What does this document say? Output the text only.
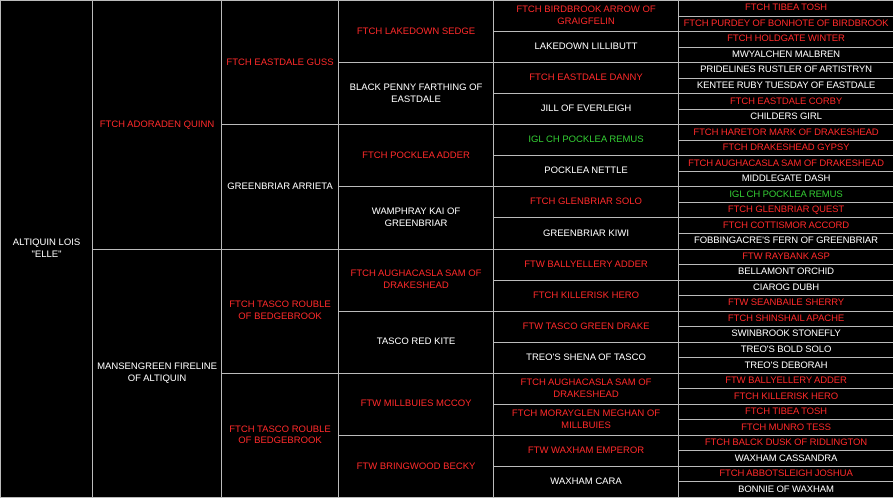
ALTIQUIN LOIS "ELLE"	FTCH ADORADEN QUINN	FTCH EASTDALE GUSS	FTCH LAKEDOWN SEDGE	FTCH BIRDBROOK ARROW OF GRAIGFELIN	FTCH TIBEA TOSH
					FTCH PURDEY OF BONHOTE OF BIRDBROOK
				LAKEDOWN LILLIBUTT	FTCH HOLDGATE WINTER
					MWYALCHEN MALBREN
			BLACK PENNY FARTHING OF EASTDALE	FTCH EASTDALE DANNY	PRIDELINES RUSTLER OF ARTISTRYN
					KENTEE RUBY TUESDAY OF EASTDALE
				JILL OF EVERLEIGH	FTCH EASTDALE CORBY
					CHILDERS GIRL
		GREENBRIAR ARRIETA	FTCH POCKLEA ADDER	IGL CH POCKLEA REMUS	FTCH HARETOR MARK OF DRAKESHEAD
					FTCH DRAKESHEAD GYPSY
				POCKLEA NETTLE	FTCH AUGHACASLA SAM OF DRAKESHEAD
					MIDDLEGATE DASH
			WAMPHRAY KAI OF GREENBRIAR	FTCH GLENBRIAR SOLO	IGL CH POCKLEA REMUS
					FTCH GLENBRIAR QUEST
				GREENBRIAR KIWI	FTCH COTTISMOR ACCORD
					FOBBINGACRE'S FERN OF GREENBRIAR
	MANSENGREEN FIRELINE OF ALTIQUIN	FTCH TASCO ROUBLE OF BEDGEBROOK	FTCH AUGHACASLA SAM OF DRAKESHEAD	FTW BALLYELLERY ADDER	FTW RAYBANK ASP
					BELLAMONT ORCHID
				FTCH KILLERISK HERO	CIAROG DUBH
					FTW SEANBAILE SHERRY
			TASCO RED KITE	FTW TASCO GREEN DRAKE	FTCH SHINSHAIL APACHE
					SWINBROOK STONEFLY
				TREO'S SHENA OF TASCO	TREO'S BOLD SOLO
					TREO'S DEBORAH
		FTCH TASCO ROUBLE OF BEDGEBROOK	FTW MILLBUIES MCCOY	FTCH AUGHACASLA SAM OF DRAKESHEAD	FTW BALLYELLERY ADDER
					FTCH KILLERISK HERO
				FTCH MORAYGLEN MEGHAN OF MILLBUIES	FTCH TIBEA TOSH
					FTCH MUNRO TESS
			FTW BRINGWOOD BECKY	FTW WAXHAM EMPEROR	FTCH BALCK DUSK OF RIDLINGTON
					WAXHAM CASSANDRA
				WAXHAM CARA	FTCH ABBOTSLEIGH JOSHUA
					BONNIE OF WAXHAM
